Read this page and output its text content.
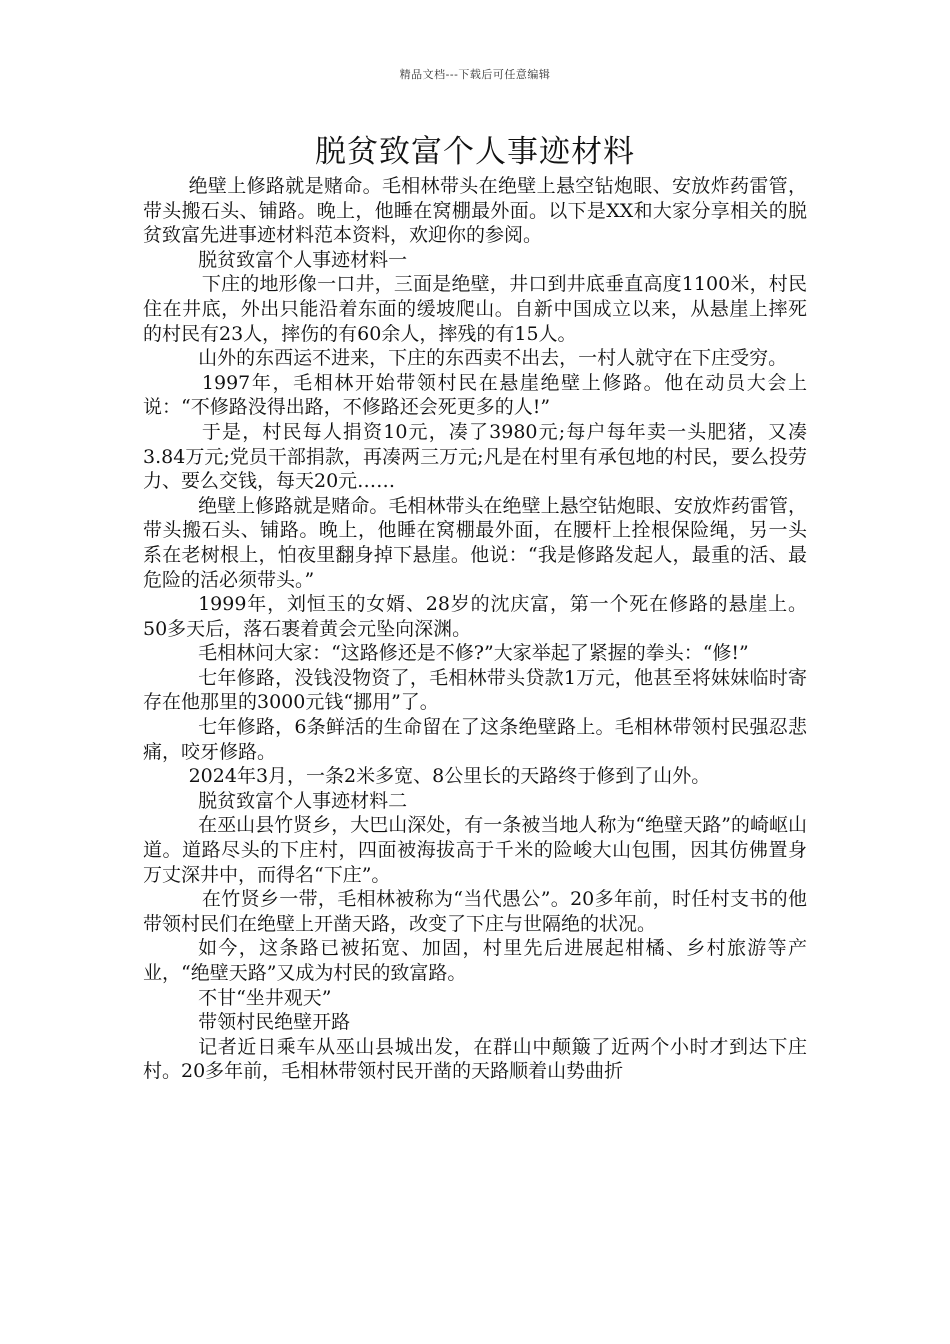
精品文档---下载后可任意编辑
脱贫致富个人事迹材料

绝壁上修路就是赌命。毛相林带头在绝壁上悬空钻炮眼、安放炸药雷管，带头搬石头、铺路。晚上，他睡在窝棚最外面。以下是XX和大家分享相关的脱贫致富先进事迹材料范本资料，欢迎你的参阅。

脱贫致富个人事迹材料一

下庄的地形像一口井，三面是绝壁，井口到井底垂直高度1100米，村民住在井底，外出只能沿着东面的缓坡爬山。自新中国成立以来，从悬崖上摔死的村民有23人，摔伤的有60余人，摔残的有15人。

山外的东西运不进来，下庄的东西卖不出去，一村人就守在下庄受穷。

1997年，毛相林开始带领村民在悬崖绝壁上修路。他在动员大会上说：“不修路没得出路，不修路还会死更多的人!”

于是，村民每人捐资10元，凑了3980元;每户每年卖一头肥猪，又凑3.84万元;党员干部捐款，再凑两三万元;凡是在村里有承包地的村民，要么投劳力、要么交钱，每天20元……

绝壁上修路就是赌命。毛相林带头在绝壁上悬空钻炮眼、安放炸药雷管，带头搬石头、铺路。晚上，他睡在窝棚最外面，在腰杆上拴根保险绳，另一头系在老树根上，怕夜里翻身掉下悬崖。他说：“我是修路发起人，最重的活、最危险的活必须带头。”

1999年，刘恒玉的女婿、28岁的沈庆富，第一个死在修路的悬崖上。50多天后，落石裹着黄会元坠向深渊。

毛相林问大家：“这路修还是不修?”大家举起了紧握的拳头：“修!”

七年修路，没钱没物资了，毛相林带头贷款1万元，他甚至将妹妹临时寄存在他那里的3000元钱“挪用”了。

七年修路，6条鲜活的生命留在了这条绝壁路上。毛相林带领村民强忍悲痛，咬牙修路。

2024年3月，一条2米多宽、8公里长的天路终于修到了山外。

脱贫致富个人事迹材料二

在巫山县竹贤乡，大巴山深处，有一条被当地人称为“绝壁天路”的崎岖山道。道路尽头的下庄村，四面被海拔高于千米的险峻大山包围，因其仿佛置身万丈深井中，而得名“下庄”。

在竹贤乡一带，毛相林被称为“当代愚公”。20多年前，时任村支书的他带领村民们在绝壁上开凿天路，改变了下庄与世隔绝的状况。

如今，这条路已被拓宽、加固，村里先后进展起柑橘、乡村旅游等产业，“绝壁天路”又成为村民的致富路。

不甘“坐井观天”

带领村民绝壁开路

记者近日乘车从巫山县城出发，在群山中颠簸了近两个小时才到达下庄村。20多年前，毛相林带领村民开凿的天路顺着山势曲折
